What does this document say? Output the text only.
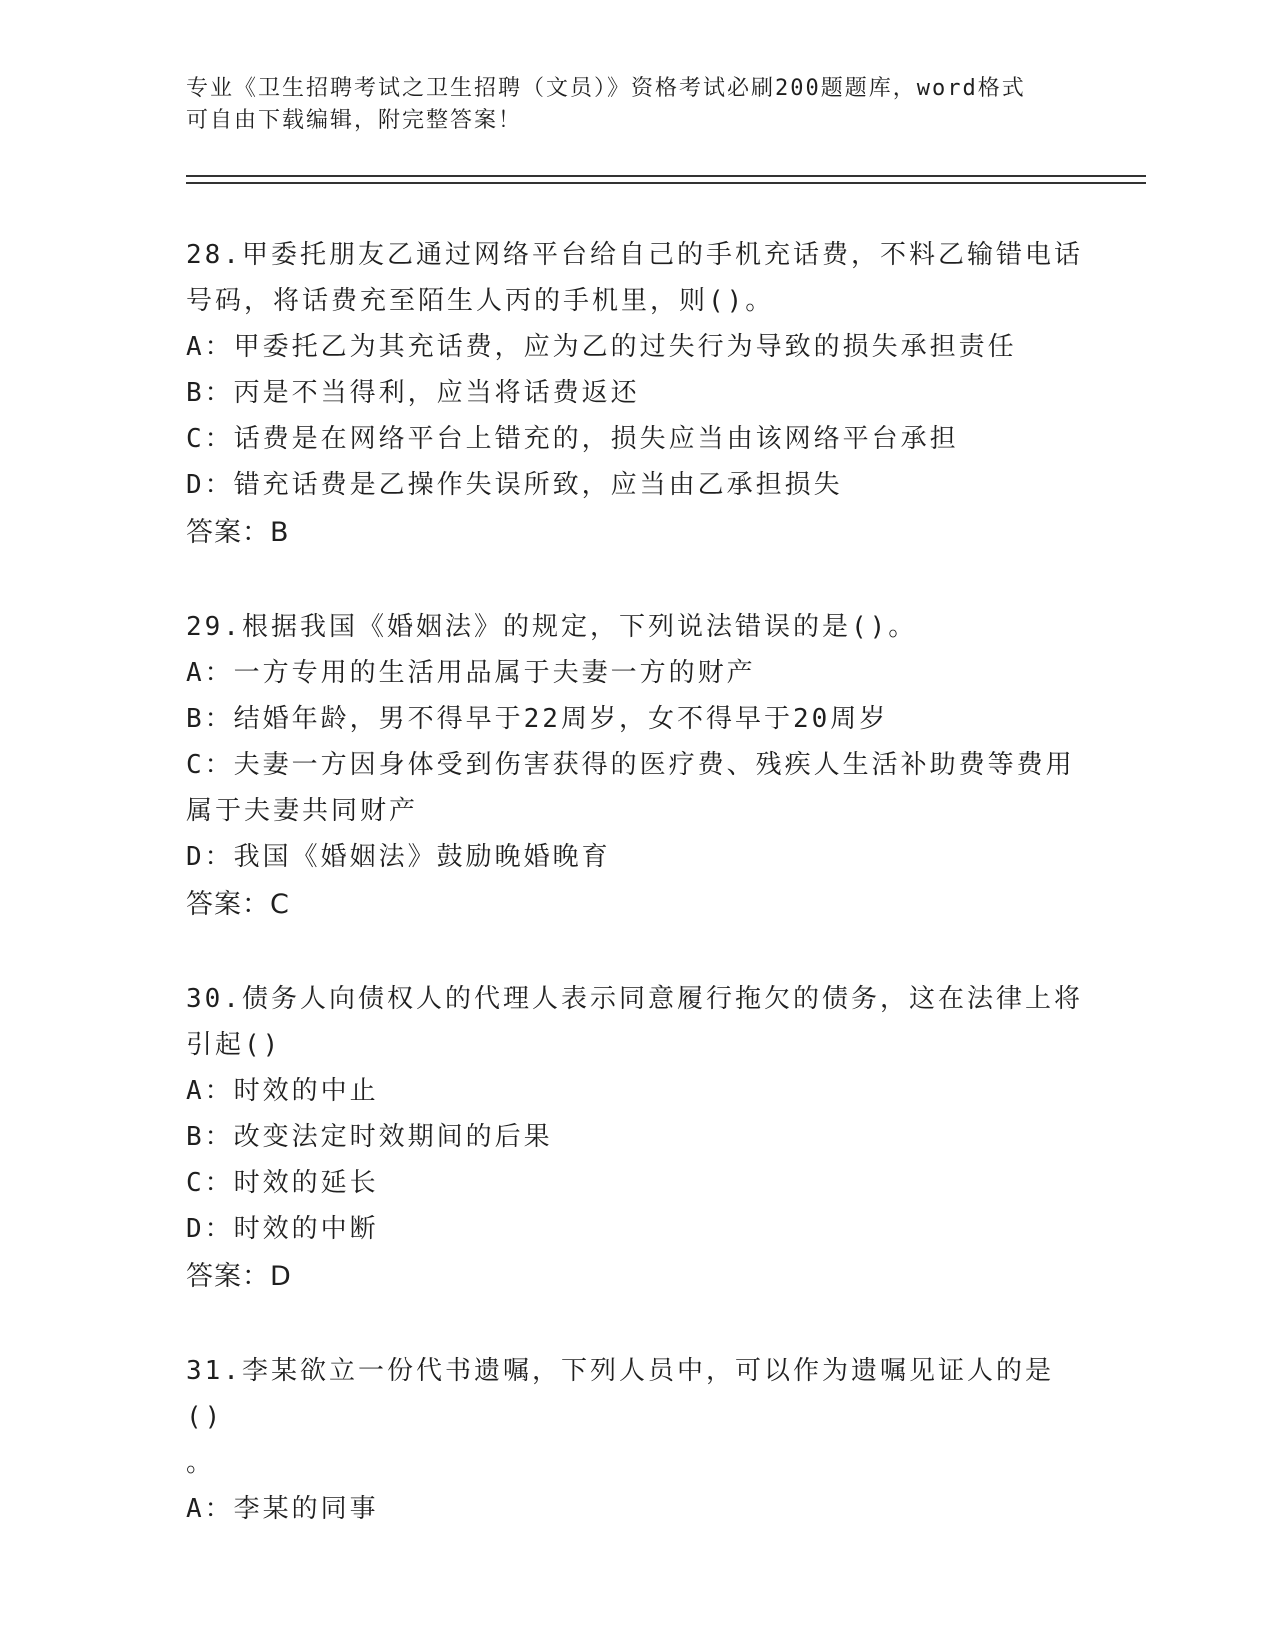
专业《卫生招聘考试之卫生招聘（文员）》资格考试必刷200题题库，word格式
可自由下载编辑，附完整答案！
28.甲委托朋友乙通过网络平台给自己的手机充话费，不料乙输错电话
号码，将话费充至陌生人丙的手机里，则()。
A：甲委托乙为其充话费，应为乙的过失行为导致的损失承担责任
B：丙是不当得利，应当将话费返还
C：话费是在网络平台上错充的，损失应当由该网络平台承担
D：错充话费是乙操作失误所致，应当由乙承担损失
答案：B
29.根据我国《婚姻法》的规定，下列说法错误的是()。
A：一方专用的生活用品属于夫妻一方的财产
B：结婚年龄，男不得早于22周岁，女不得早于20周岁
C：夫妻一方因身体受到伤害获得的医疗费、残疾人生活补助费等费用
属于夫妻共同财产
D：我国《婚姻法》鼓励晚婚晚育
答案：C
30.债务人向债权人的代理人表示同意履行拖欠的债务，这在法律上将
引起()
A：时效的中止
B：改变法定时效期间的后果
C：时效的延长
D：时效的中断
答案：D
31.李某欲立一份代书遗嘱，下列人员中，可以作为遗嘱见证人的是()
。
A：李某的同事
